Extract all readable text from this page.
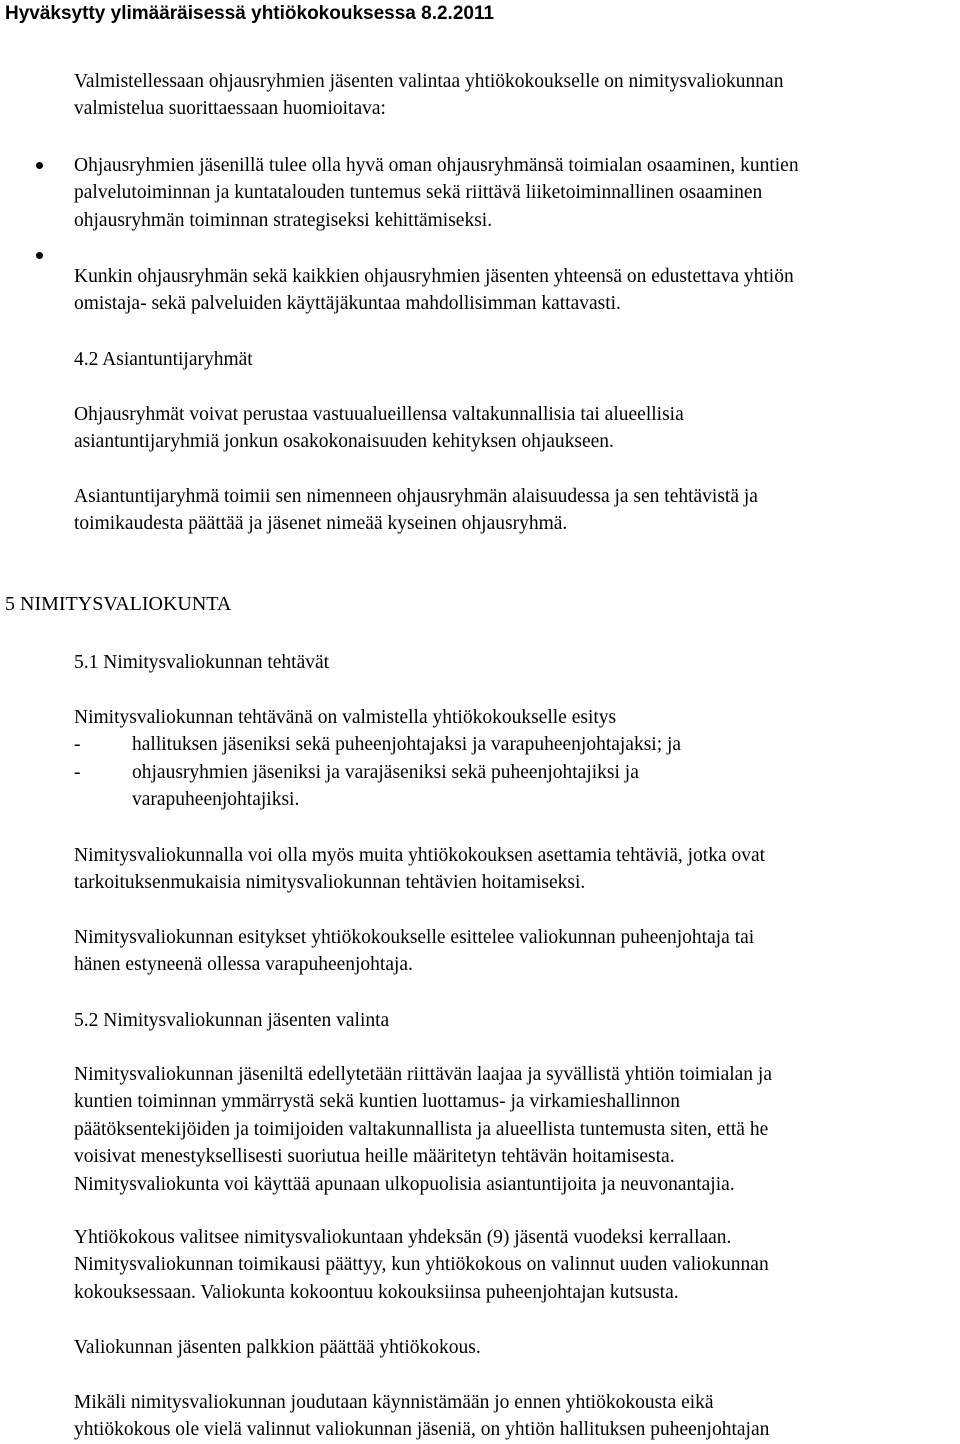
Hyväksytty ylimääräisessä yhtiökokouksessa 8.2.2011
Valmistellessaan ohjausryhmien jäsenten valintaa yhtiökokoukselle on nimitysvaliokunnan
valmistelua suorittaessaan huomioitava:
Ohjausryhmien jäsenillä tulee olla hyvä oman ohjausryhmänsä toimialan osaaminen, kuntien
palvelutoiminnan ja kuntatalouden tuntemus sekä riittävä liiketoiminnallinen osaaminen
ohjausryhmän toiminnan strategiseksi kehittämiseksi.
Kunkin ohjausryhmän sekä kaikkien ohjausryhmien jäsenten yhteensä on edustettava yhtiön
omistaja- sekä palveluiden käyttäjäkuntaa mahdollisimman kattavasti.
4.2 Asiantuntijaryhmät
Ohjausryhmät voivat perustaa vastuualueillensa valtakunnallisia tai alueellisia
asiantuntijaryhmiä jonkun osakokonaisuuden kehityksen ohjaukseen.
Asiantuntijaryhmä toimii sen nimenneen ohjausryhmän alaisuudessa ja sen tehtävistä ja
toimikaudesta päättää ja jäsenet nimeää kyseinen ohjausryhmä.
5 NIMITYSVALIOKUNTA
5.1 Nimitysvaliokunnan tehtävät
Nimitysvaliokunnan tehtävänä on valmistella yhtiökokoukselle esitys
-	hallituksen jäseniksi sekä puheenjohtajaksi ja varapuheenjohtajaksi; ja
-	ohjausryhmien jäseniksi ja varajäseniksi sekä puheenjohtajiksi ja
varapuheenjohtajiksi.
Nimitysvaliokunnalla voi olla myös muita yhtiökokouksen asettamia tehtäviä, jotka ovat
tarkoituksenmukaisia nimitysvaliokunnan tehtävien hoitamiseksi.
Nimitysvaliokunnan esitykset yhtiökokoukselle esittelee valiokunnan puheenjohtaja tai
hänen estyneenä ollessa varapuheenjohtaja.
5.2 Nimitysvaliokunnan jäsenten valinta
Nimitysvaliokunnan jäseniltä edellytetään riittävän laajaa ja syvällistä yhtiön toimialan ja
kuntien toiminnan ymmärrystä sekä kuntien luottamus- ja virkamieshallinnon
päätöksentekijöiden ja toimijoiden valtakunnallista ja alueellista tuntemusta siten, että he
voisivat menestyksellisesti suoriutua heille määritetyn tehtävän hoitamisesta.
Nimitysvaliokunta voi käyttää apunaan ulkopuolisia asiantuntijoita ja neuvonantajia.
Yhtiökokous valitsee nimitysvaliokuntaan yhdeksän (9) jäsentä vuodeksi kerrallaan.
Nimitysvaliokunnan toimikausi päättyy, kun yhtiökokous on valinnut uuden valiokunnan
kokouksessaan. Valiokunta kokoontuu kokouksiinsa puheenjohtajan kutsusta.
Valiokunnan jäsenten palkkion päättää yhtiökokous.
Mikäli nimitysvaliokunnan joudutaan käynnistämään jo ennen yhtiökokousta eikä
yhtiökokous ole vielä valinnut valiokunnan jäseniä, on yhtiön hallituksen puheenjohtajan
